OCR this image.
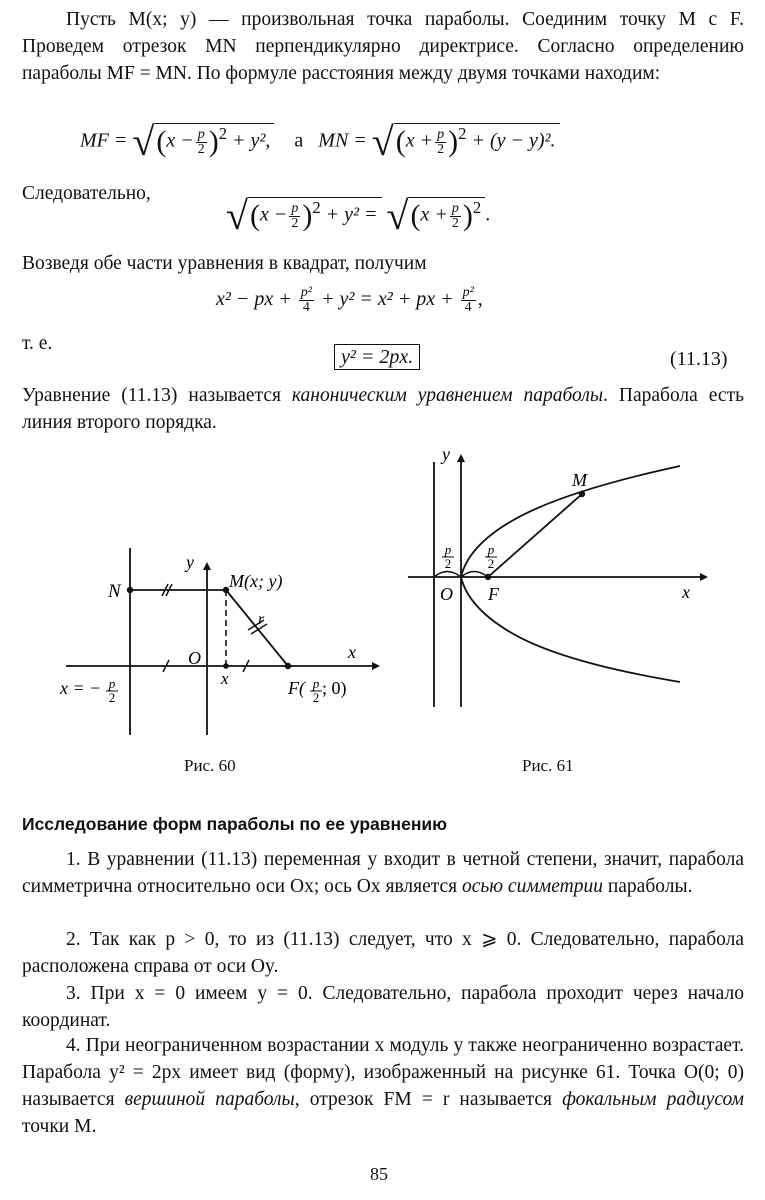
Пусть M(x; y) — произвольная точка параболы. Соединим точку M с F. Проведем отрезок MN перпендикулярно директрисе. Согласно определению параболы MF = MN. По формуле расстояния между двумя точками находим:
MF = $√(x - \frac{p}{2} )^2 + y^2$, а MN = $√(x + \frac{p}{2} )^2 + (y - y)^2$.
Следовательно,	$√(x - \frac{p}{2} )^2 + y^2 = √(x + \frac{p}{2} )^2$ .
Возведя обе части уравнения в квадрат, получим
x² − px + $\frac{\text{p²}}{4} + y^2 = x^2$ + px + $\frac{\text{p²}}{4}$ ,
т. е.
y² = 2px.	(11.13)
Уравнение (11.13) называется каноническим уравнением параболы. Парабола есть линия второго порядка.
N	M(x; y)
y
x
O
x
r
x = − p
2	F( p
2 ; 0)
y
M
p
2
p
2
O F	x
Рис. 60	Рис. 61
Исследование форм параболы по ее уравнению
1. В уравнении (11.13) переменная y входит в четной степени, значит, парабола симметрична относительно оси Ox; ось Ox является осью симметрии параболы.
2. Так как p > 0, то из (11.13) следует, что x ⩾ 0. Следовательно, парабола расположена справа от оси Oy.
3. При x = 0 имеем y = 0. Следовательно, парабола проходит через начало координат.
4. При неограниченном возрастании x модуль y также неограниченно возрастает. Парабола y² = 2px имеет вид (форму), изображенный на рисунке 61. Точка O(0; 0) называется вершиной параболы, отрезок FM = r называется фокальным радиусом точки M.
85
